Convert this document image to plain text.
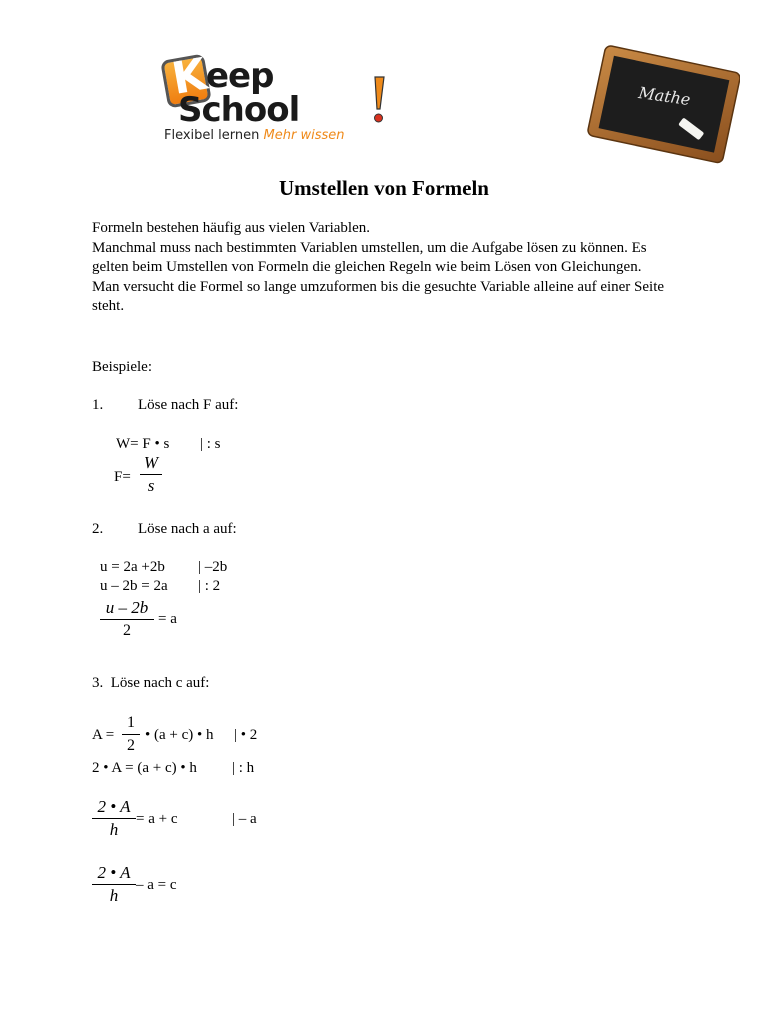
K
eep
School
Flexibel lernen Mehr wissen
Mathe
Umstellen von Formeln

Formeln bestehen häufig aus vielen Variablen.

Manchmal muss nach bestimmten Variablen umstellen, um die Aufgabe lösen zu können. Es gelten beim Umstellen von Formeln die gleichen Regeln wie beim Lösen von Gleichungen.

Man versucht die Formel so lange umzuformen bis die gesuchte Variable alleine auf einer Seite steht.

Beispiele:
1. Löse nach F auf:
W= F • s | : s
F=
W
s
2. Löse nach a auf:
u = 2a +2b | –2b
u – 2b = 2a | : 2
u – 2b
2
= a
3. Löse nach c auf:
A =
1
2
• (a + c) • h | • 2
2 • A = (a + c) • h | : h
2 • A
h
= a + c	| – a
2 • A
h
– a = c
